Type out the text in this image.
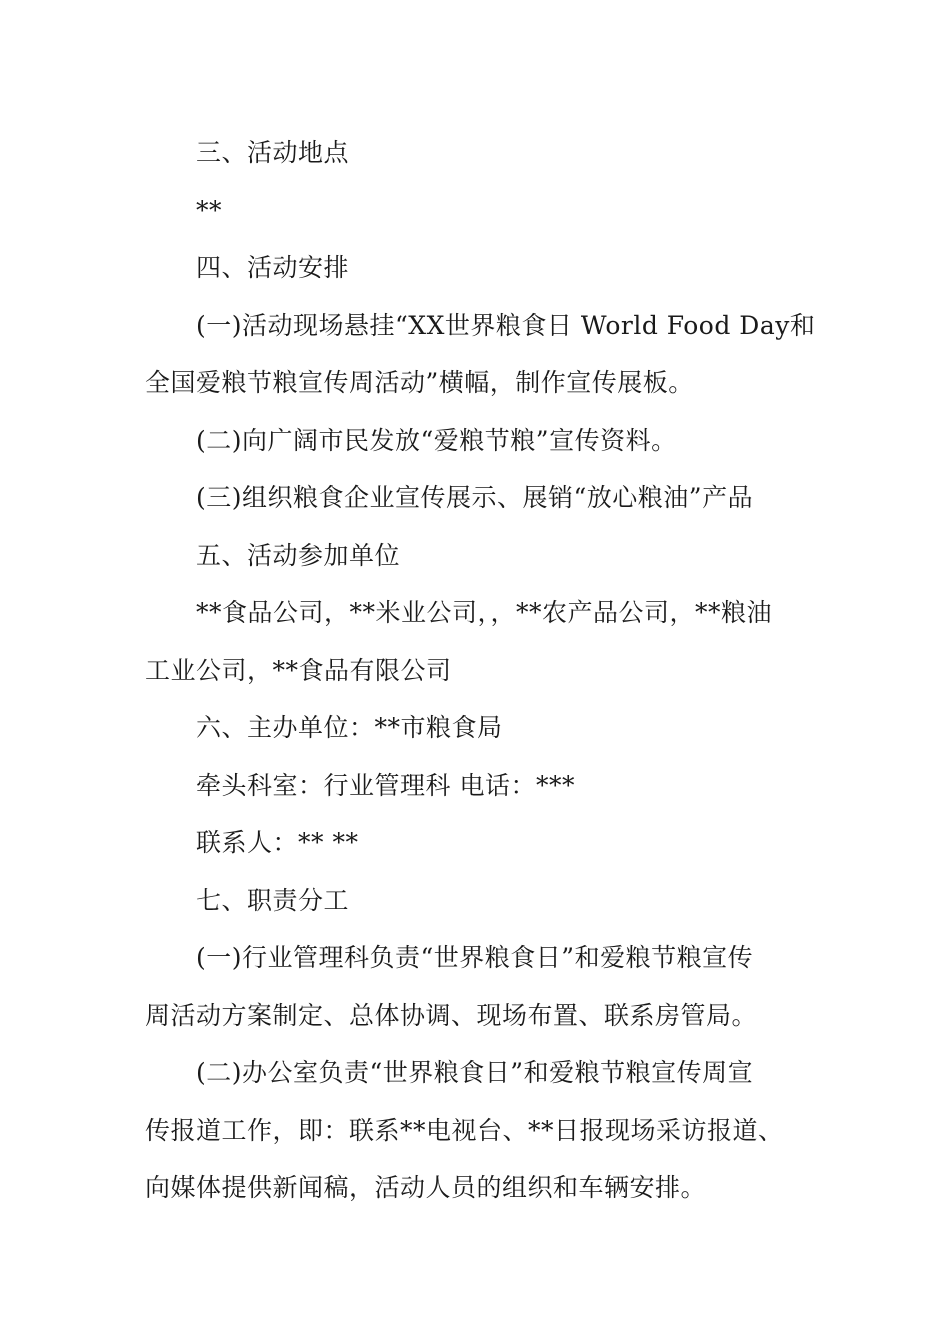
三、活动地点
**
四、活动安排
(一)活动现场悬挂“XX世界粮食日 World Food Day和
全国爱粮节粮宣传周活动”横幅，制作宣传展板。
(二)向广阔市民发放“爱粮节粮”宣传资料。
(三)组织粮食企业宣传展示、展销“放心粮油”产品
五、活动参加单位
**食品公司，**米业公司，，**农产品公司，**粮油
工业公司，**食品有限公司
六、主办单位：**市粮食局
牵头科室：行业管理科 电话：***
联系人：** **
七、职责分工
(一)行业管理科负责“世界粮食日”和爱粮节粮宣传
周活动方案制定、总体协调、现场布置、联系房管局。
(二)办公室负责“世界粮食日”和爱粮节粮宣传周宣
传报道工作，即：联系**电视台、**日报现场采访报道、
向媒体提供新闻稿，活动人员的组织和车辆安排。
